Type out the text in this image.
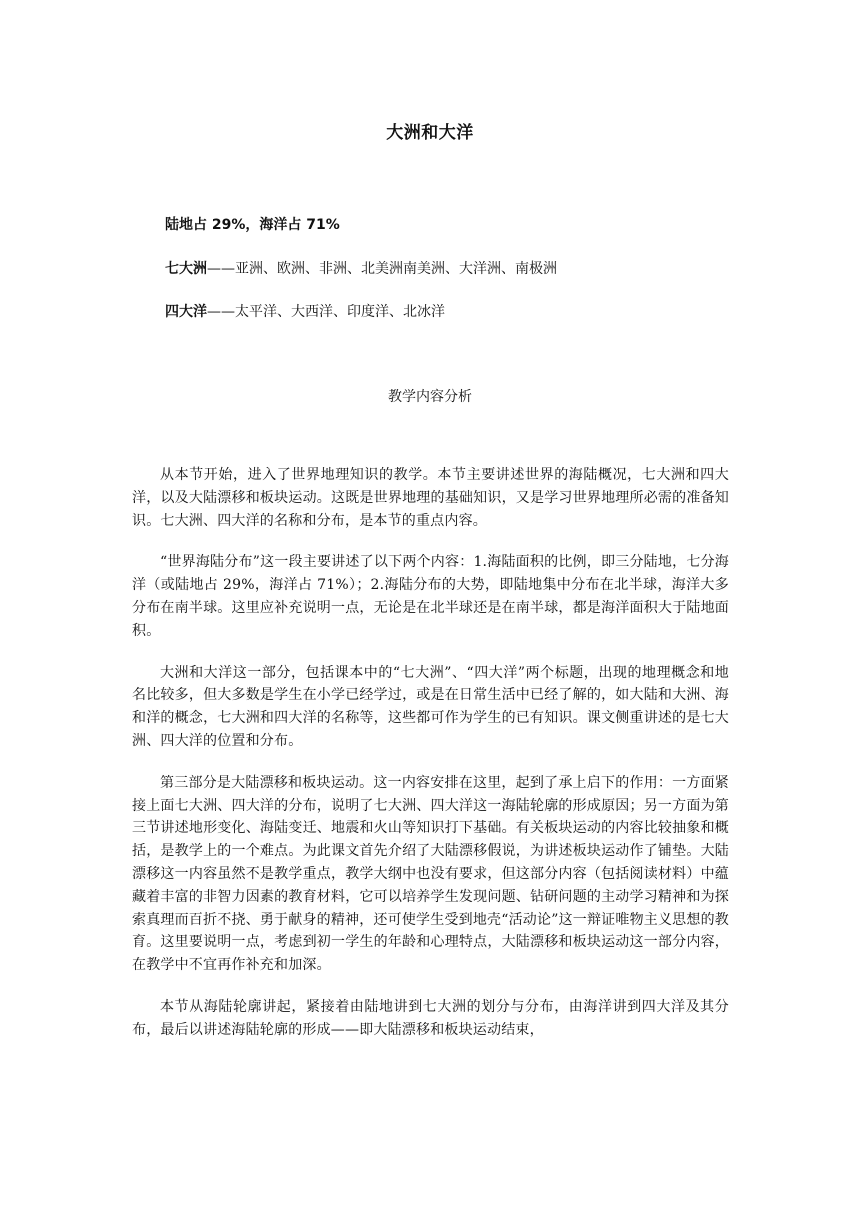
大洲和大洋
陆地占 29%，海洋占 71%
七大洲——亚洲、欧洲、非洲、北美洲南美洲、大洋洲、南极洲
四大洋——太平洋、大西洋、印度洋、北冰洋
教学内容分析

从本节开始，进入了世界地理知识的教学。本节主要讲述世界的海陆概况，七大洲和四大洋，以及大陆漂移和板块运动。这既是世界地理的基础知识，又是学习世界地理所必需的准备知识。七大洲、四大洋的名称和分布，是本节的重点内容。

“世界海陆分布”这一段主要讲述了以下两个内容：1.海陆面积的比例，即三分陆地，七分海洋（或陆地占 29%，海洋占 71%）；2.海陆分布的大势，即陆地集中分布在北半球，海洋大多分布在南半球。这里应补充说明一点，无论是在北半球还是在南半球，都是海洋面积大于陆地面积。

大洲和大洋这一部分，包括课本中的“七大洲”、“四大洋”两个标题，出现的地理概念和地名比较多，但大多数是学生在小学已经学过，或是在日常生活中已经了解的，如大陆和大洲、海和洋的概念，七大洲和四大洋的名称等，这些都可作为学生的已有知识。课文侧重讲述的是七大洲、四大洋的位置和分布。

第三部分是大陆漂移和板块运动。这一内容安排在这里，起到了承上启下的作用：一方面紧接上面七大洲、四大洋的分布，说明了七大洲、四大洋这一海陆轮廓的形成原因；另一方面为第三节讲述地形变化、海陆变迁、地震和火山等知识打下基础。有关板块运动的内容比较抽象和概括，是教学上的一个难点。为此课文首先介绍了大陆漂移假说，为讲述板块运动作了铺垫。大陆漂移这一内容虽然不是教学重点，教学大纲中也没有要求，但这部分内容（包括阅读材料）中蕴藏着丰富的非智力因素的教育材料，它可以培养学生发现问题、钻研问题的主动学习精神和为探索真理而百折不挠、勇于献身的精神，还可使学生受到地壳“活动论”这一辩证唯物主义思想的教育。这里要说明一点，考虑到初一学生的年龄和心理特点，大陆漂移和板块运动这一部分内容，在教学中不宜再作补充和加深。

本节从海陆轮廓讲起，紧接着由陆地讲到七大洲的划分与分布，由海洋讲到四大洋及其分布，最后以讲述海陆轮廓的形成——即大陆漂移和板块运动结束，
